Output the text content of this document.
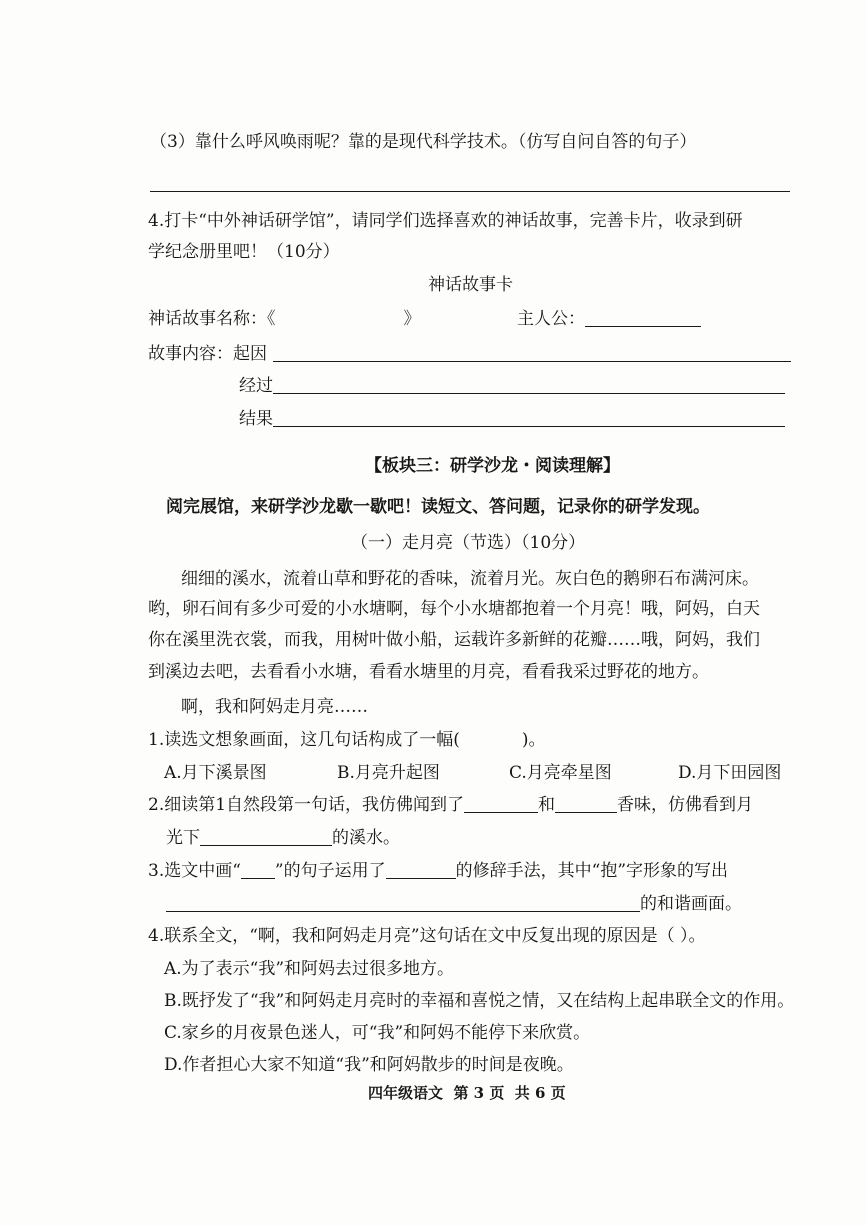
（3）靠什么呼风唤雨呢？靠的是现代科学技术。（仿写自问自答的句子）
4.打卡“中外神话研学馆”，请同学们选择喜欢的神话故事，完善卡片，收录到研
学纪念册里吧！（10分）
神话故事卡
神话故事名称：《	》	主人公：
故事内容：起因
经过
结果
【板块三：研学沙龙・阅读理解】
阅完展馆，来研学沙龙歇一歇吧！读短文、答问题，记录你的研学发现。
（一）走月亮（节选）（10分）
细细的溪水，流着山草和野花的香味，流着月光。灰白色的鹅卵石布满河床。
哟，卵石间有多少可爱的小水塘啊，每个小水塘都抱着一个月亮！哦，阿妈，白天
你在溪里洗衣裳，而我，用树叶做小船，运载许多新鲜的花瓣……哦，阿妈，我们
到溪边去吧，去看看小水塘，看看水塘里的月亮，看看我采过野花的地方。
啊，我和阿妈走月亮……
1.读选文想象画面，这几句话构成了一幅(	)。
A.月下溪景图	B.月亮升起图	C.月亮牵星图	D.月下田园图
2.细读第1自然段第一句话，我仿佛闻到了	和	香味，仿佛看到月
光下	的溪水。
3.选文中画“ ”的句子运用了	的修辞手法，其中“抱”字形象的写出
的和谐画面。
4.联系全文，“啊，我和阿妈走月亮”这句话在文中反复出现的原因是（ ）。
A.为了表示“我”和阿妈去过很多地方。
B.既抒发了“我”和阿妈走月亮时的幸福和喜悦之情，又在结构上起串联全文的作用。
C.家乡的月夜景色迷人，可“我”和阿妈不能停下来欣赏。
D.作者担心大家不知道“我”和阿妈散步的时间是夜晚。
四年级语文  第 3 页  共 6 页
